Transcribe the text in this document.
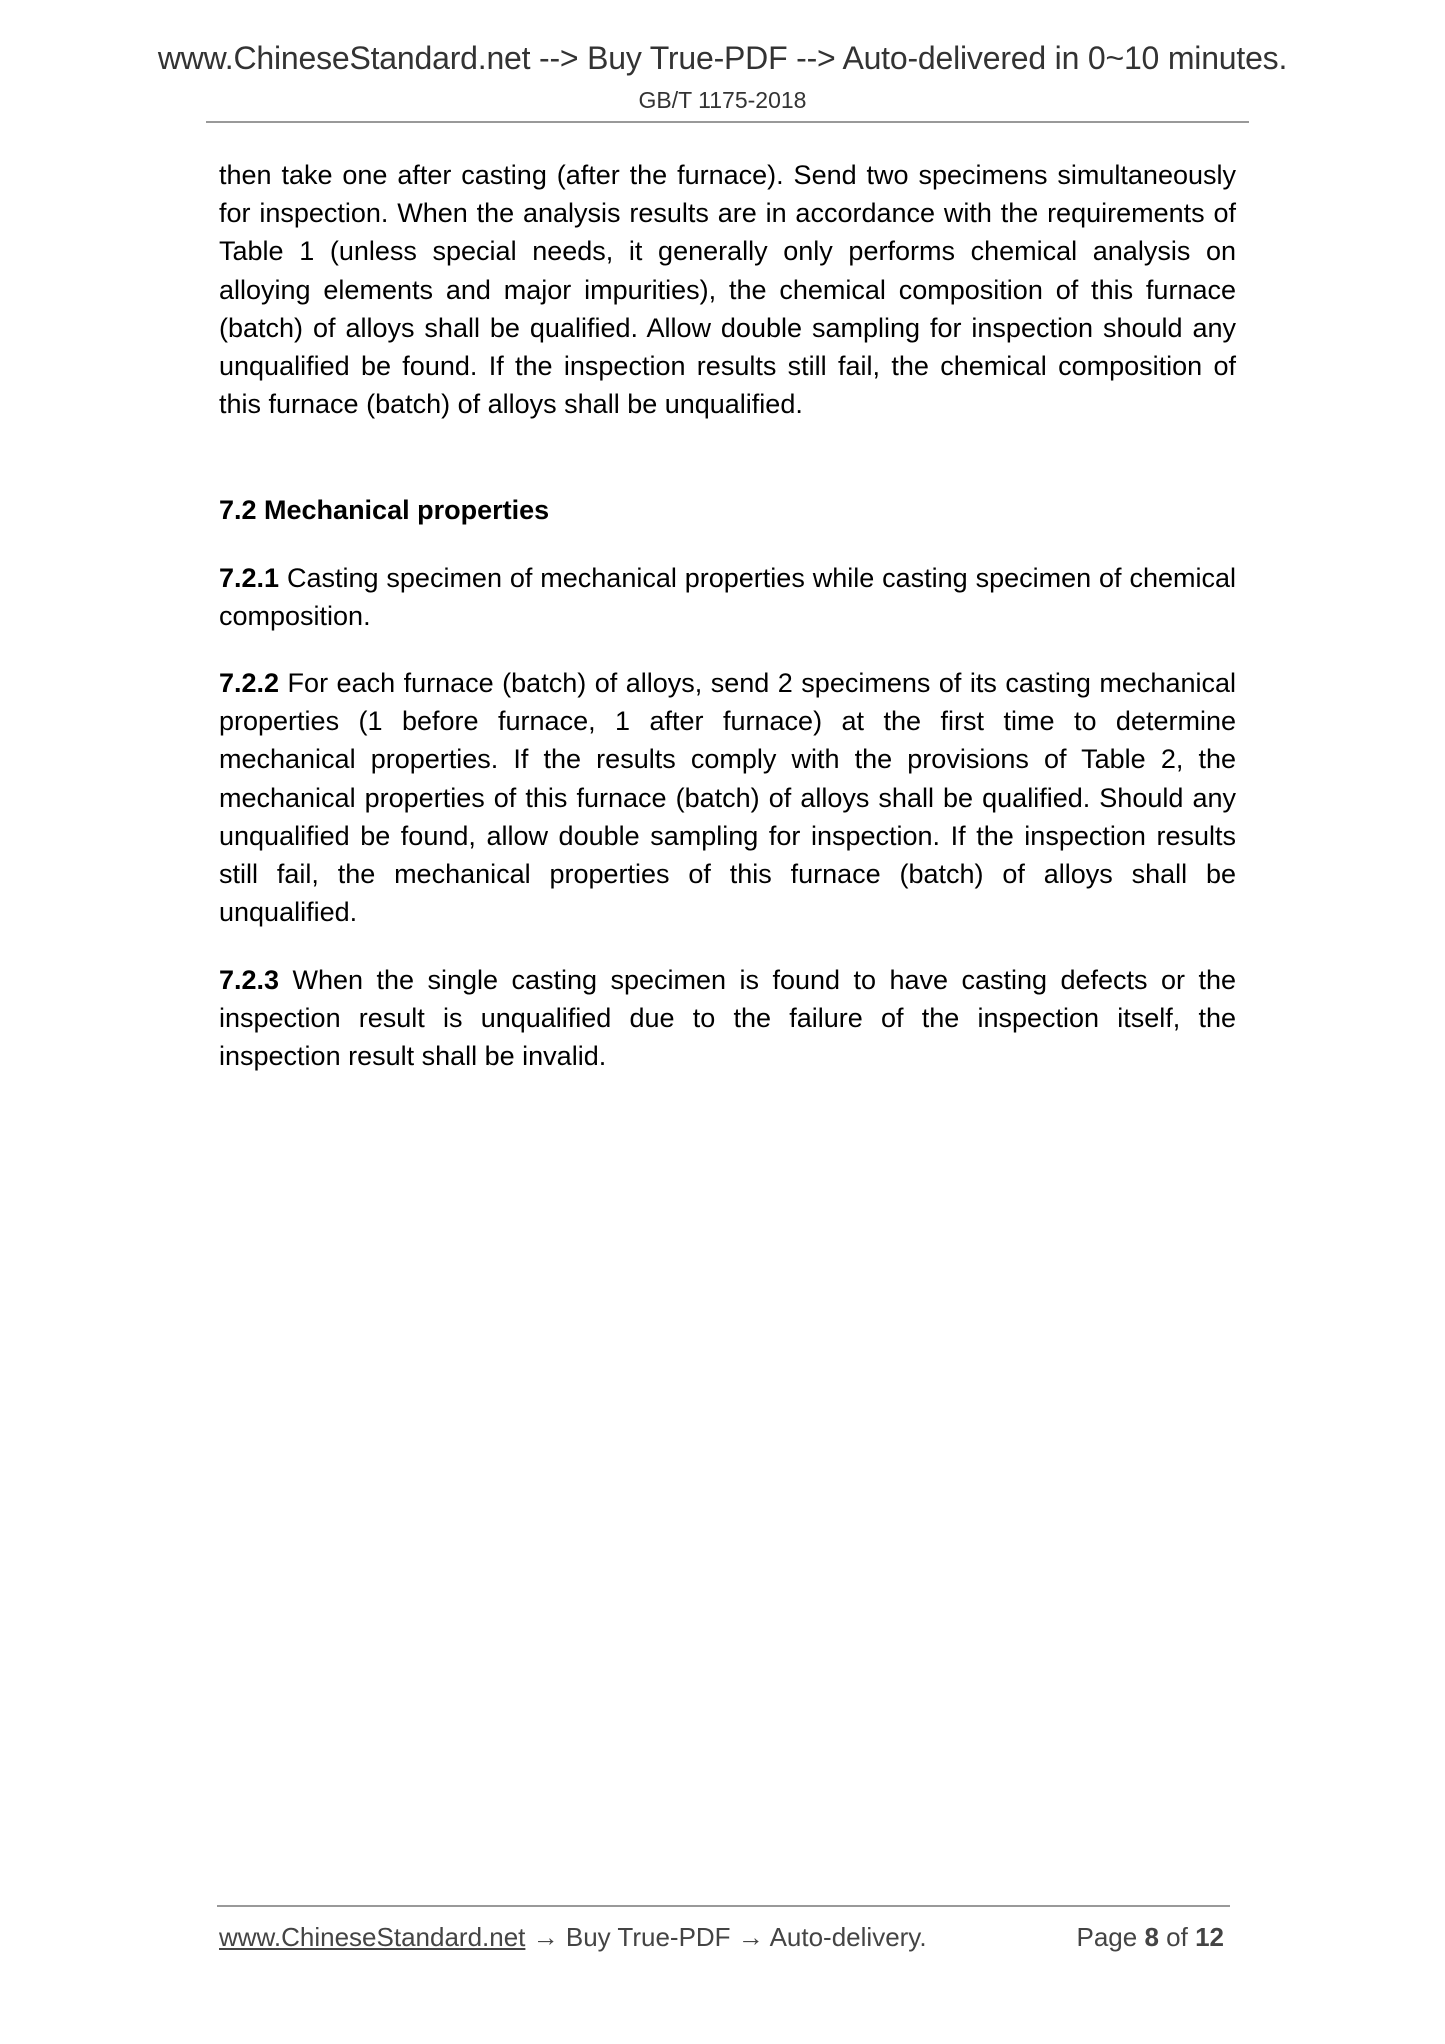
www.ChineseStandard.net --> Buy True-PDF --> Auto-delivered in 0~10 minutes.
GB/T 1175-2018

then take one after casting (after the furnace). Send two specimens simultaneously for inspection. When the analysis results are in accordance with the requirements of Table 1 (unless special needs, it generally only performs chemical analysis on alloying elements and major impurities), the chemical composition of this furnace (batch) of alloys shall be qualified. Allow double sampling for inspection should any unqualified be found. If the inspection results still fail, the chemical composition of this furnace (batch) of alloys shall be unqualified.

7.2 Mechanical properties

7.2.1 Casting specimen of mechanical properties while casting specimen of chemical composition.

7.2.2 For each furnace (batch) of alloys, send 2 specimens of its casting mechanical properties (1 before furnace, 1 after furnace) at the first time to determine mechanical properties. If the results comply with the provisions of Table 2, the mechanical properties of this furnace (batch) of alloys shall be qualified. Should any unqualified be found, allow double sampling for inspection. If the inspection results still fail, the mechanical properties of this furnace (batch) of alloys shall be unqualified.

7.2.3 When the single casting specimen is found to have casting defects or the inspection result is unqualified due to the failure of the inspection itself, the inspection result shall be invalid.

www.ChineseStandard.net → Buy True-PDF → Auto-delivery.	Page 8 of 12
